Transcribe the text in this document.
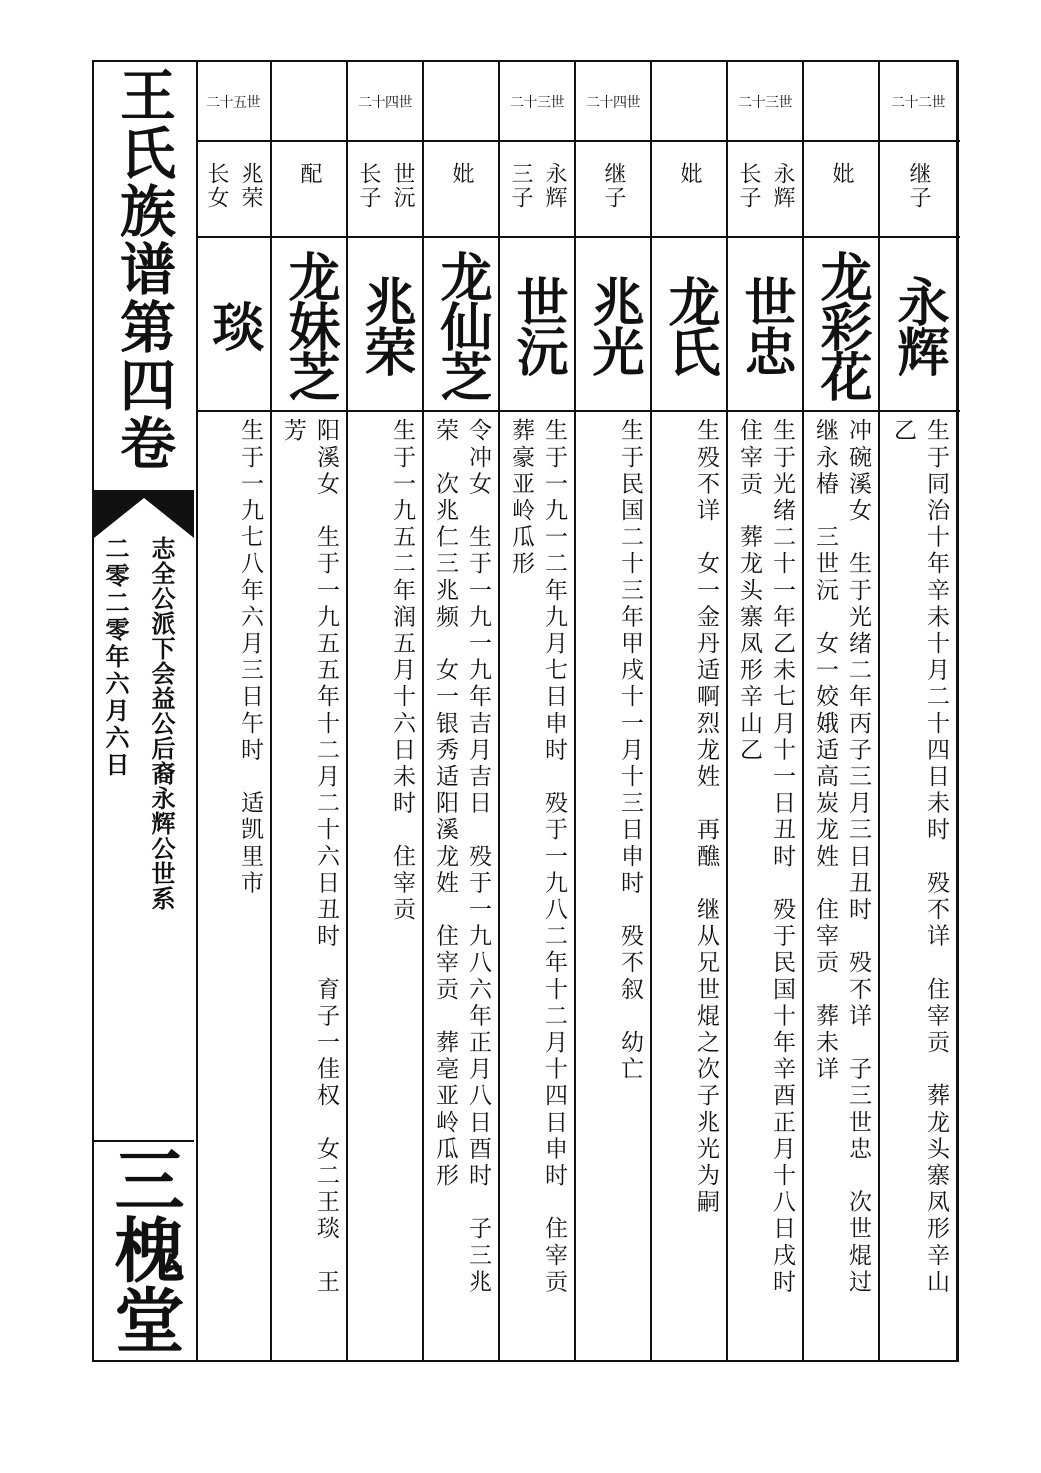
王氏族谱第四卷
志全公派下会益公后裔永辉公世系
二零二零年六月六日
三槐堂
二十二世
继子
永辉
生于同治十年辛未十月二十四日未时　殁不详　住宰贡　葬龙头寨凤形辛山
乙
妣
龙彩花
冲碗溪女　生于光绪二年丙子三月三日丑时　殁不详　子三世忠　次世焜过
继永椿　三世沅　女一姣娥适高炭龙姓　住宰贡　葬未详
二十三世
永辉
长子
世忠
生于光绪二十一年乙未七月十一日丑时　殁于民国十年辛酉正月十八日戌时
住宰贡　葬龙头寨凤形辛山乙
妣
龙氏
生殁不详　女一金丹适啊烈龙姓　再醮　继从兄世焜之次子兆光为嗣
二十四世
继子
兆光
生于民国二十三年甲戌十一月十三日申时　殁不叙　幼亡
二十三世
永辉
三子
世沅
生于一九一二年九月七日申时　殁于一九八二年十二月十四日申时　住宰贡
葬豪亚岭瓜形
妣
龙仙芝
令冲女　生于一九一九年吉月吉日　殁于一九八六年正月八日酉时　子三兆
荣　次兆仁三兆频　女一银秀适阳溪龙姓　住宰贡　葬亳亚岭瓜形
二十四世
世沅
长子
兆荣
生于一九五二年润五月十六日未时　住宰贡
配
龙妹芝
阳溪女　生于一九五五年十二月二十六日丑时　育子一佳权　女二王琰　王
芳
二十五世
兆荣
长女
琰
生于一九七八年六月三日午时　适凯里市
